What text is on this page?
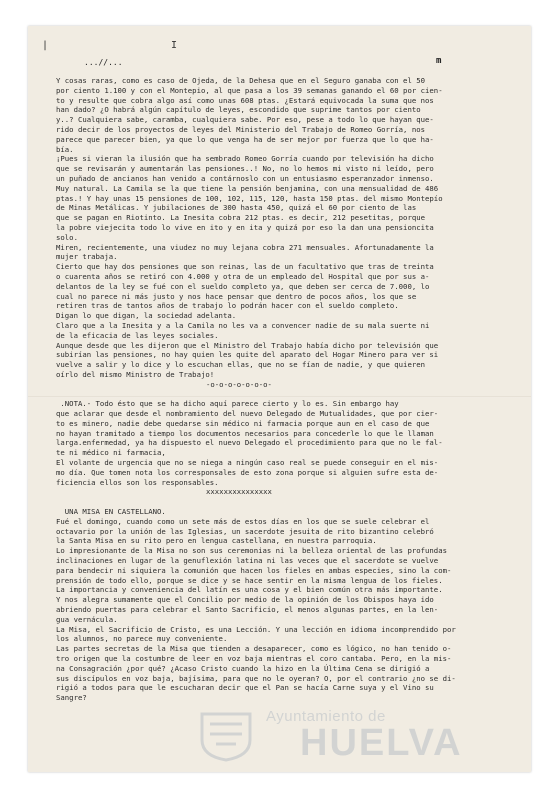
|	I
...//...	m
Y cosas raras, como es caso de Ojeda, de la Dehesa que en el Seguro ganaba con el 50
por ciento 1.100 y con el Montepio, al que pasa a los 39 semanas ganando el 60 por cien-
to y resulte que cobra algo así como unas 608 ptas. ¿Estará equivocada la suma que nos
han dado? ¿O habrá algún capítulo de leyes, escondido que suprime tantos por ciento
y..? Cualquiera sabe, caramba, cualquiera sabe. Por eso, pese a todo lo que hayan que-
rido decir de los proyectos de leyes del Ministerio del Trabajo de Romeo Gorría, nos
parece que parecer bien, ya que lo que venga ha de ser mejor por fuerza que lo que ha-
bía.
¡Pues si vieran la ilusión que ha sembrado Romeo Gorría cuando por televisión ha dicho
que se revisarán y aumentarán las pensiones..! No, no lo hemos mi visto ni leído, pero
un puñado de ancianos han venido a contárnoslo con un entusiasmo esperanzador inmenso.
Muy natural. La Camila se la que tiene la pensión benjamina, con una mensualidad de 486
ptas.! Y hay unas 15 pensiones de 100, 102, 115, 120, hasta 150 ptas. del mismo Montepío
de Minas Metálicas. Y jubilaciones de 300 hasta 450, quizá el 60 por ciento de las
que se pagan en Riotinto. La Inesita cobra 212 ptas. es decir, 212 pesetitas, porque
la pobre viejecita todo lo vive en ito y en ita y quizá por eso la dan una pensioncita
solo.
Miren, recientemente, una viudez no muy lejana cobra 271 mensuales. Afortunadamente la
mujer trabaja.
Cierto que hay dos pensiones que son reinas, las de un facultativo que tras de treinta
o cuarenta años se retiró con 4.000 y otra de un empleado del Hospital que por sus a-
delantos de la ley se fué con el sueldo completo ya, que deben ser cerca de 7.000, lo
cual no parece ni más justo y nos hace pensar que dentro de pocos años, los que se
retiren tras de tantos años de trabajo lo podrán hacer con el sueldo completo.
Digan lo que digan, la sociedad adelanta.
Claro que a la Inesita y a la Camila no les va a convencer nadie de su mala suerte ni
de la eficacia de las leyes sociales.
Aunque desde que les dijeron que el Ministro del Trabajo había dicho por televisión que
subirían las pensiones, no hay quien les quite del aparato del Hogar Minero para ver si
vuelve a salir y lo dice y lo escuchan ellas, que no se fían de nadie, y que quieren
oírlo del mismo Ministro de Trabajo!
-o-o-o-o-o-o-o-
.NOTA.- Todo ésto que se ha dicho aquí parece cierto y lo es. Sin embargo hay
que aclarar que desde el nombramiento del nuevo Delegado de Mutualidades, que por cier-
to es minero, nadie debe quedarse sin médico ni farmacia porque aun en el caso de que
no hayan tramitado a tiempo los documentos necesarios para concederle lo que le llaman
larga.enfermedad, ya ha dispuesto el nuevo Delegado el procedimiento para que no le fal-
te ni médico ni farmacia,
El volante de urgencia que no se niega a ningún caso real se puede conseguir en el mis-
mo día. Que tomen nota los corresponsales de esto zona porque si alguien sufre esta de-
ficiencia ellos son los responsables.
xxxxxxxxxxxxxxx
UNA MISA EN CASTELLANO.
Fué el domingo, cuando como un sete más de estos días en los que se suele celebrar el
octavario por la unión de las Iglesias, un sacerdote jesuita de rito bizantino celebró
la Santa Misa en su rito pero en lengua castellana, en nuestra parroquia.
Lo impresionante de la Misa no son sus ceremonias ni la belleza oriental de las profundas
inclinaciones en lugar de la genuflexión latina ni las veces que el sacerdote se vuelve
para bendecir ni siquiera la comunión que hacen los fieles en ambas especies, sino la com-
prensión de todo ello, porque se dice y se hace sentir en la misma lengua de los fieles.
La importancia y conveniencia del latín es una cosa y el bien común otra más importante.
Y nos alegra sumamente que el Concilio por medio de la opinión de los Obispos haya ido
abriendo puertas para celebrar el Santo Sacrificio, el menos algunas partes, en la len-
gua vernácula.
La Misa, el Sacrificio de Cristo, es una Lección. Y una lección en idioma incomprendido por
los alumnos, no parece muy conveniente.
Las partes secretas de la Misa que tienden a desaparecer, como es lógico, no han tenido o-
tro origen que la costumbre de leer en voz baja mientras el coro cantaba. Pero, en la mis-
na Consagración ¿por qué? ¿Acaso Cristo cuando la hizo en la Última Cena se dirigió a
sus discípulos en voz baja, bajísima, para que no le oyeran? O, por el contrario ¿no se di-
rigió a todos para que le escucharan decir que el Pan se hacía Carne suya y el Vino su
Sangre?
Ayuntamiento de
HUELVA
